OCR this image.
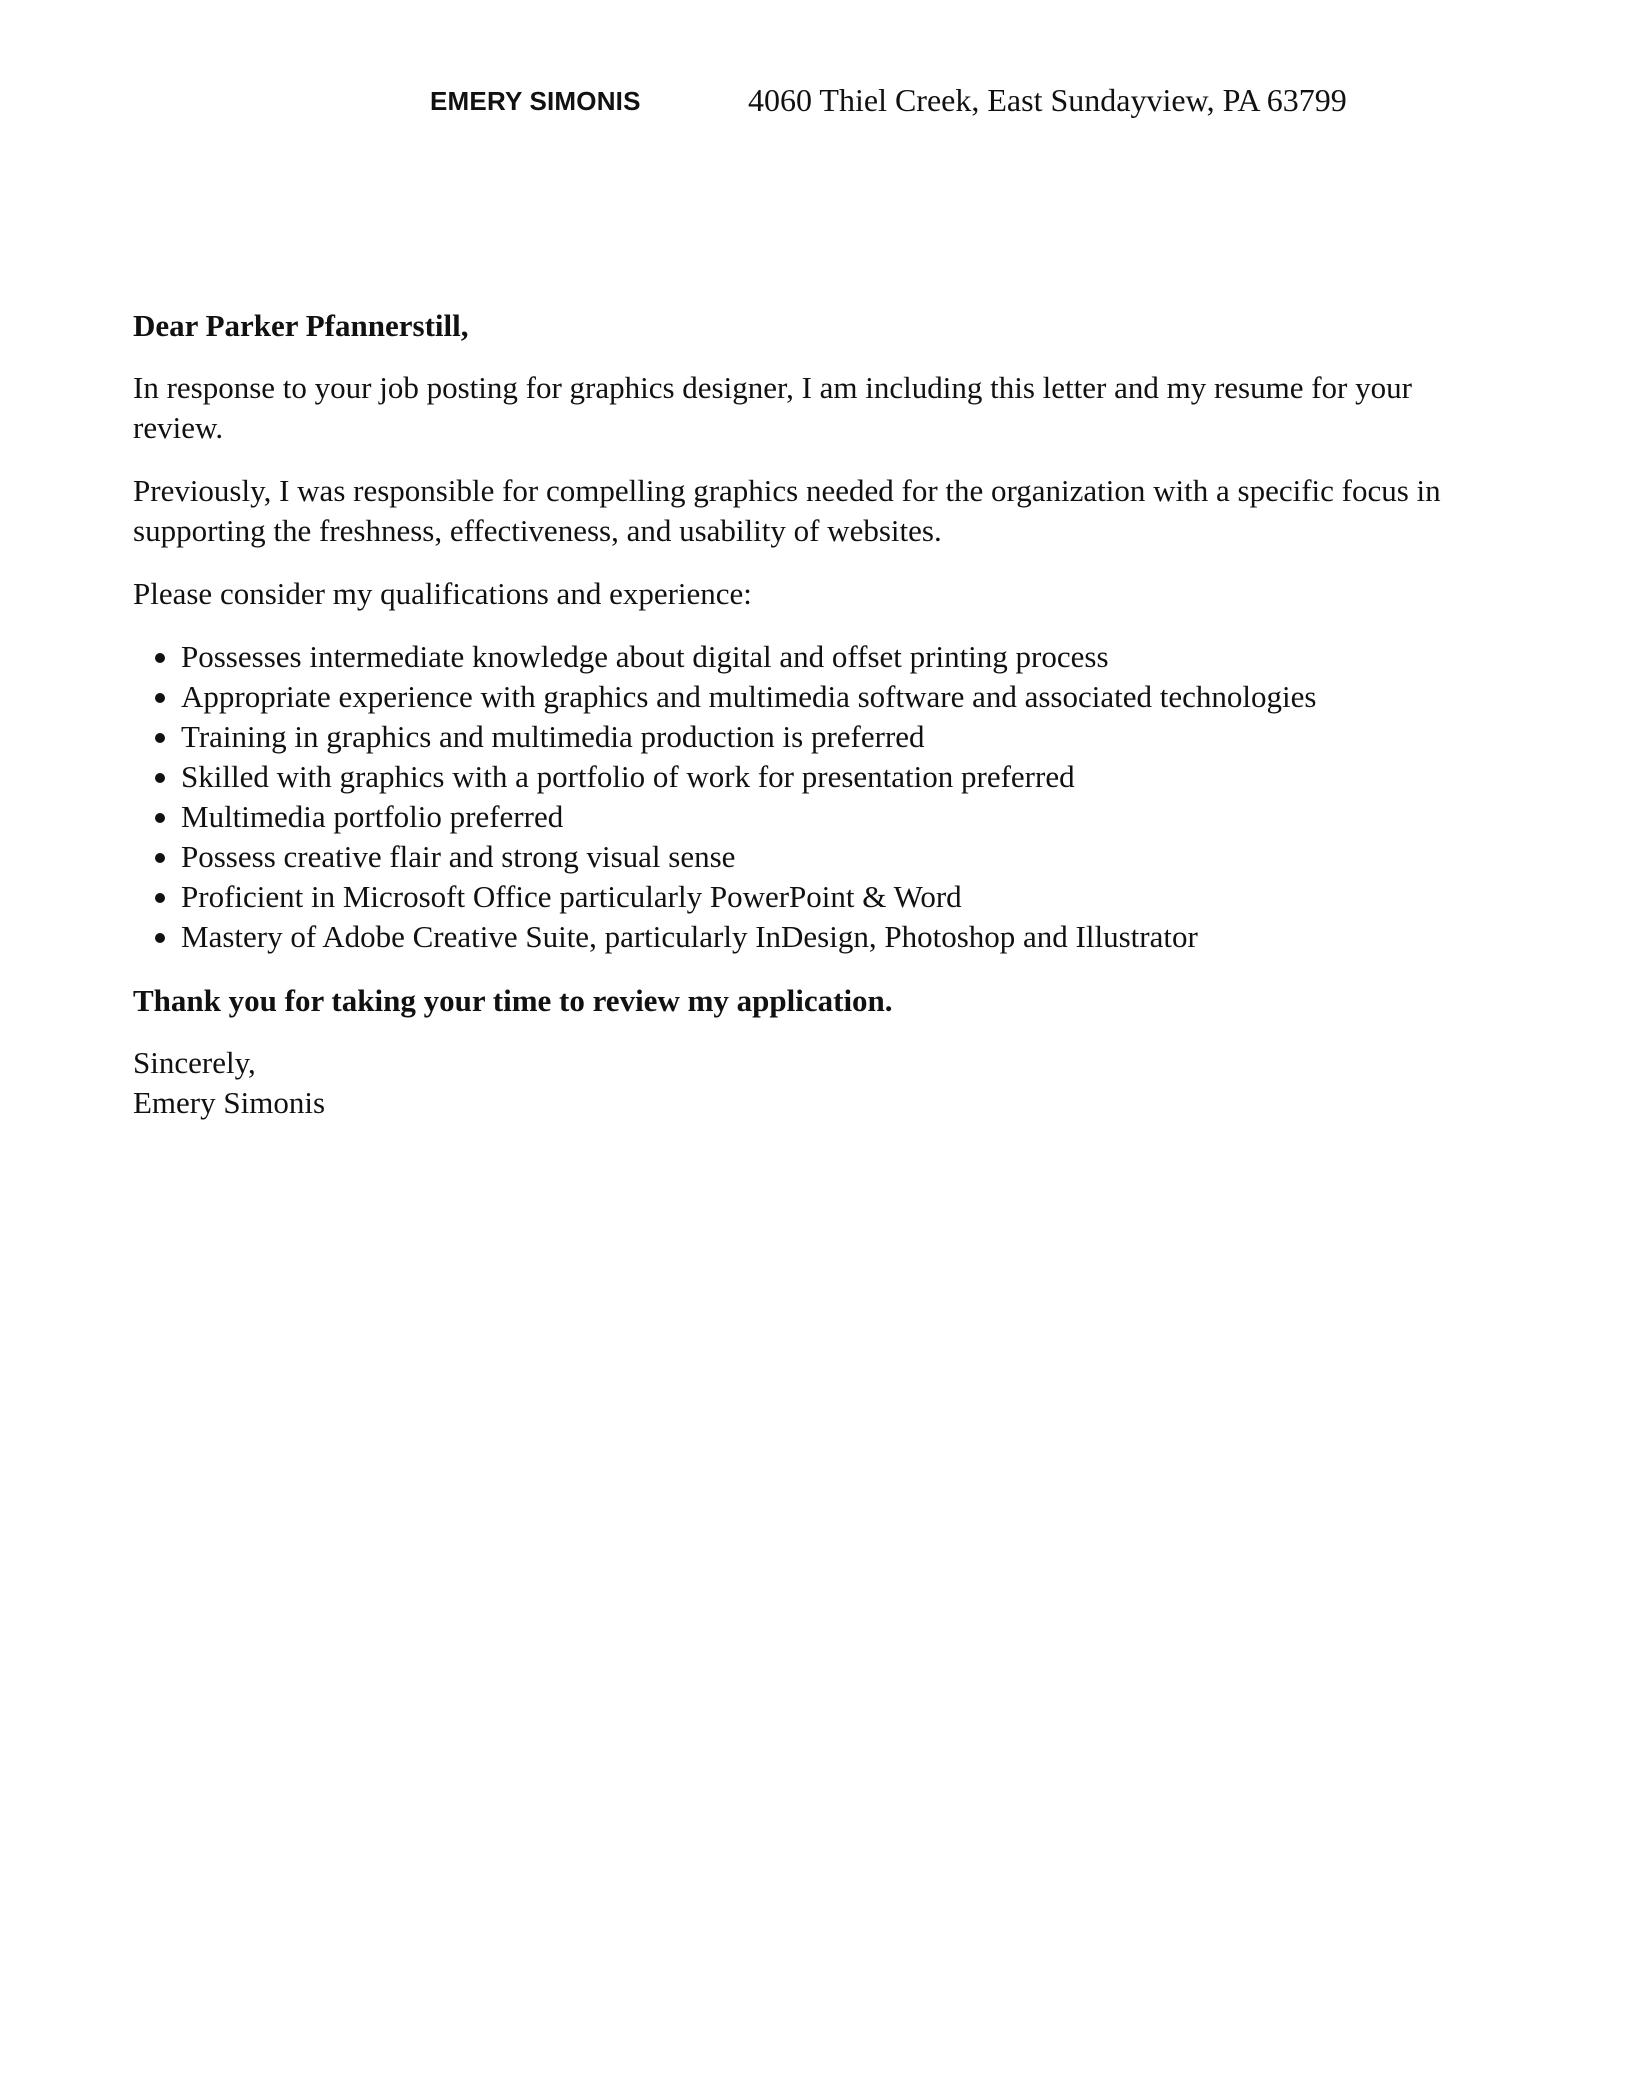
EMERY SIMONIS	4060 Thiel Creek, East Sundayview, PA 63799

Dear Parker Pfannerstill,

In response to your job posting for graphics designer, I am including this letter and my resume for your review.

Previously, I was responsible for compelling graphics needed for the organization with a specific focus in supporting the freshness, effectiveness, and usability of websites.

Please consider my qualifications and experience:

Possesses intermediate knowledge about digital and offset printing process
Appropriate experience with graphics and multimedia software and associated technologies
Training in graphics and multimedia production is preferred
Skilled with graphics with a portfolio of work for presentation preferred
Multimedia portfolio preferred
Possess creative flair and strong visual sense
Proficient in Microsoft Office particularly PowerPoint & Word
Mastery of Adobe Creative Suite, particularly InDesign, Photoshop and Illustrator

Thank you for taking your time to review my application.

Sincerely,
Emery Simonis
